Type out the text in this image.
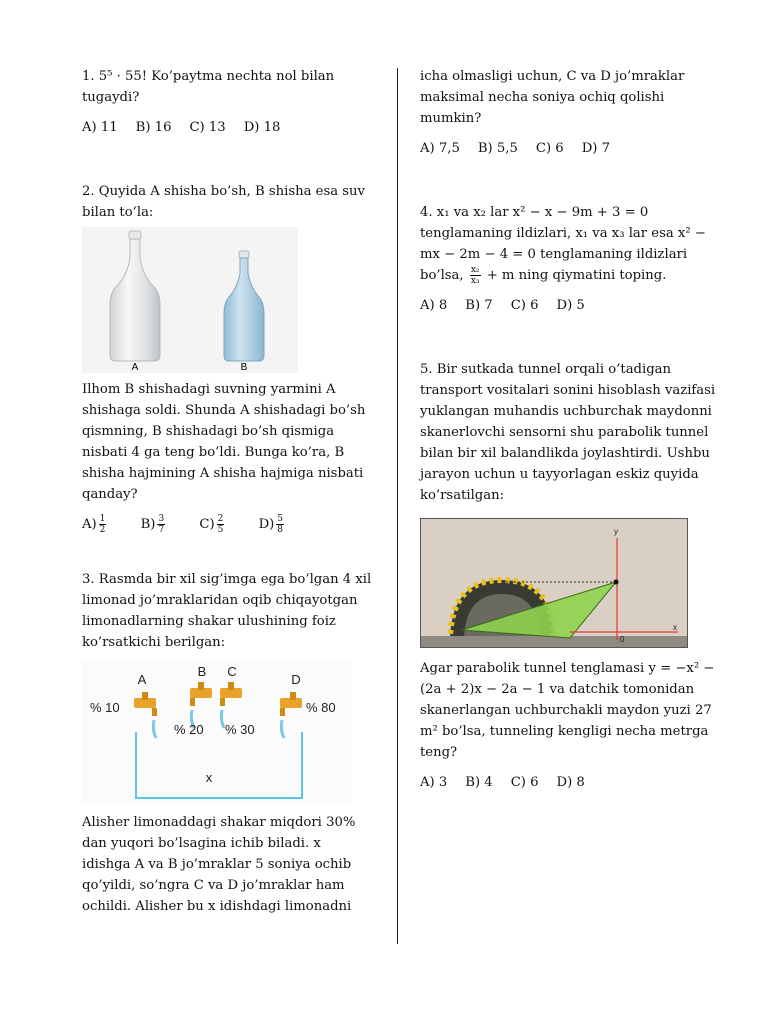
1. 5⁵ · 55! Ko’paytma nechta nol bilan tugaydi?

A) 11 B) 16 C) 13 D) 18

2. Quyida A shisha bo’sh, B shisha esa suv bilan to’la:

A	B

Ilhom B shishadagi suvning yarmini A shishaga soldi. Shunda A shishadagi bo’sh qismning, B shishadagi bo’sh qismiga nisbati 4 ga teng bo’ldi. Bunga ko’ra, B shisha hajmining A shisha hajmiga nisbati qanday?

$A) \frac{1}{2} B) \frac{3}{7} C) \frac{2}{5} D) \frac{5}{8}$

3. Rasmda bir xil sig’imga ega bo’lgan 4 xil limonad jo’mraklaridan oqib chiqayotgan limonadlarning shakar ulushining foiz ko’rsatkichi berilgan:

A
B C
D
% 10
% 20 % 30
% 80
x

Alisher limonaddagi shakar miqdori 30% dan yuqori bo’lsagina ichib biladi. x idishga A va B jo’mraklar 5 soniya ochib qo’yildi, so’ngra C va D jo’mraklar ham ochildi. Alisher bu x idishdagi limonadni

icha olmasligi uchun, C va D jo’mraklar maksimal necha soniya ochiq qolishi mumkin?

A) 7,5 B) 5,5 C) 6 D) 7

4. x₁ va x₂ lar x² − x − 9m + 3 = 0 tenglamaning ildizlari, x₁ va x₃ lar esa x² − mx − 2m − 4 = 0 tenglamaning ildizlari bo’lsa, $\frac{\text{x₂}}{\text{x₃}} + m$ ning qiymatini toping.

A) 8 B) 7 C) 6 D) 5

5. Bir sutkada tunnel orqali o’tadigan transport vositalari sonini hisoblash vazifasi yuklangan muhandis uchburchak maydonni skanerlovchi sensorni shu parabolik tunnel bilan bir xil balandlikda joylashtirdi. Ushbu jarayon uchun u tayyorlagan eskiz quyida ko’rsatilgan:

y
x
0

Agar parabolik tunnel tenglamasi y = −x² − (2a + 2)x − 2a − 1 va datchik tomonidan skanerlangan uchburchakli maydon yuzi 27 m² bo’lsa, tunneling kengligi necha metrga teng?

A) 3 B) 4 C) 6 D) 8
